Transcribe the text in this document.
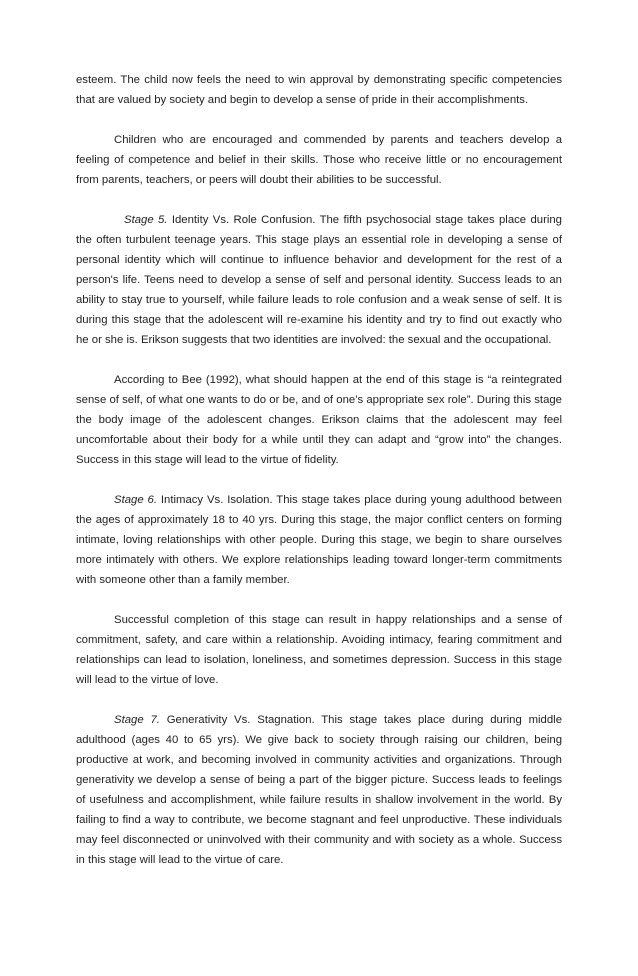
esteem. The child now feels the need to win approval by demonstrating specific competencies that are valued by society and begin to develop a sense of pride in their accomplishments.

Children who are encouraged and commended by parents and teachers develop a feeling of competence and belief in their skills. Those who receive little or no encouragement from parents, teachers, or peers will doubt their abilities to be successful.

Stage 5. Identity Vs. Role Confusion. The fifth psychosocial stage takes place during the often turbulent teenage years. This stage plays an essential role in developing a sense of personal identity which will continue to influence behavior and development for the rest of a person's life. Teens need to develop a sense of self and personal identity. Success leads to an ability to stay true to yourself, while failure leads to role confusion and a weak sense of self. It is during this stage that the adolescent will re-examine his identity and try to find out exactly who he or she is. Erikson suggests that two identities are involved: the sexual and the occupational.

According to Bee (1992), what should happen at the end of this stage is “a reintegrated sense of self, of what one wants to do or be, and of one’s appropriate sex role”. During this stage the body image of the adolescent changes. Erikson claims that the adolescent may feel uncomfortable about their body for a while until they can adapt and “grow into” the changes. Success in this stage will lead to the virtue of fidelity.

Stage 6. Intimacy Vs. Isolation. This stage takes place during young adulthood between the ages of approximately 18 to 40 yrs. During this stage, the major conflict centers on forming intimate, loving relationships with other people. During this stage, we begin to share ourselves more intimately with others. We explore relationships leading toward longer-term commitments with someone other than a family member.

Successful completion of this stage can result in happy relationships and a sense of commitment, safety, and care within a relationship. Avoiding intimacy, fearing commitment and relationships can lead to isolation, loneliness, and sometimes depression. Success in this stage will lead to the virtue of love.

Stage 7. Generativity Vs. Stagnation. This stage takes place during during middle adulthood (ages 40 to 65 yrs). We give back to society through raising our children, being productive at work, and becoming involved in community activities and organizations. Through generativity we develop a sense of being a part of the bigger picture. Success leads to feelings of usefulness and accomplishment, while failure results in shallow involvement in the world. By failing to find a way to contribute, we become stagnant and feel unproductive. These individuals may feel disconnected or uninvolved with their community and with society as a whole. Success in this stage will lead to the virtue of care.
